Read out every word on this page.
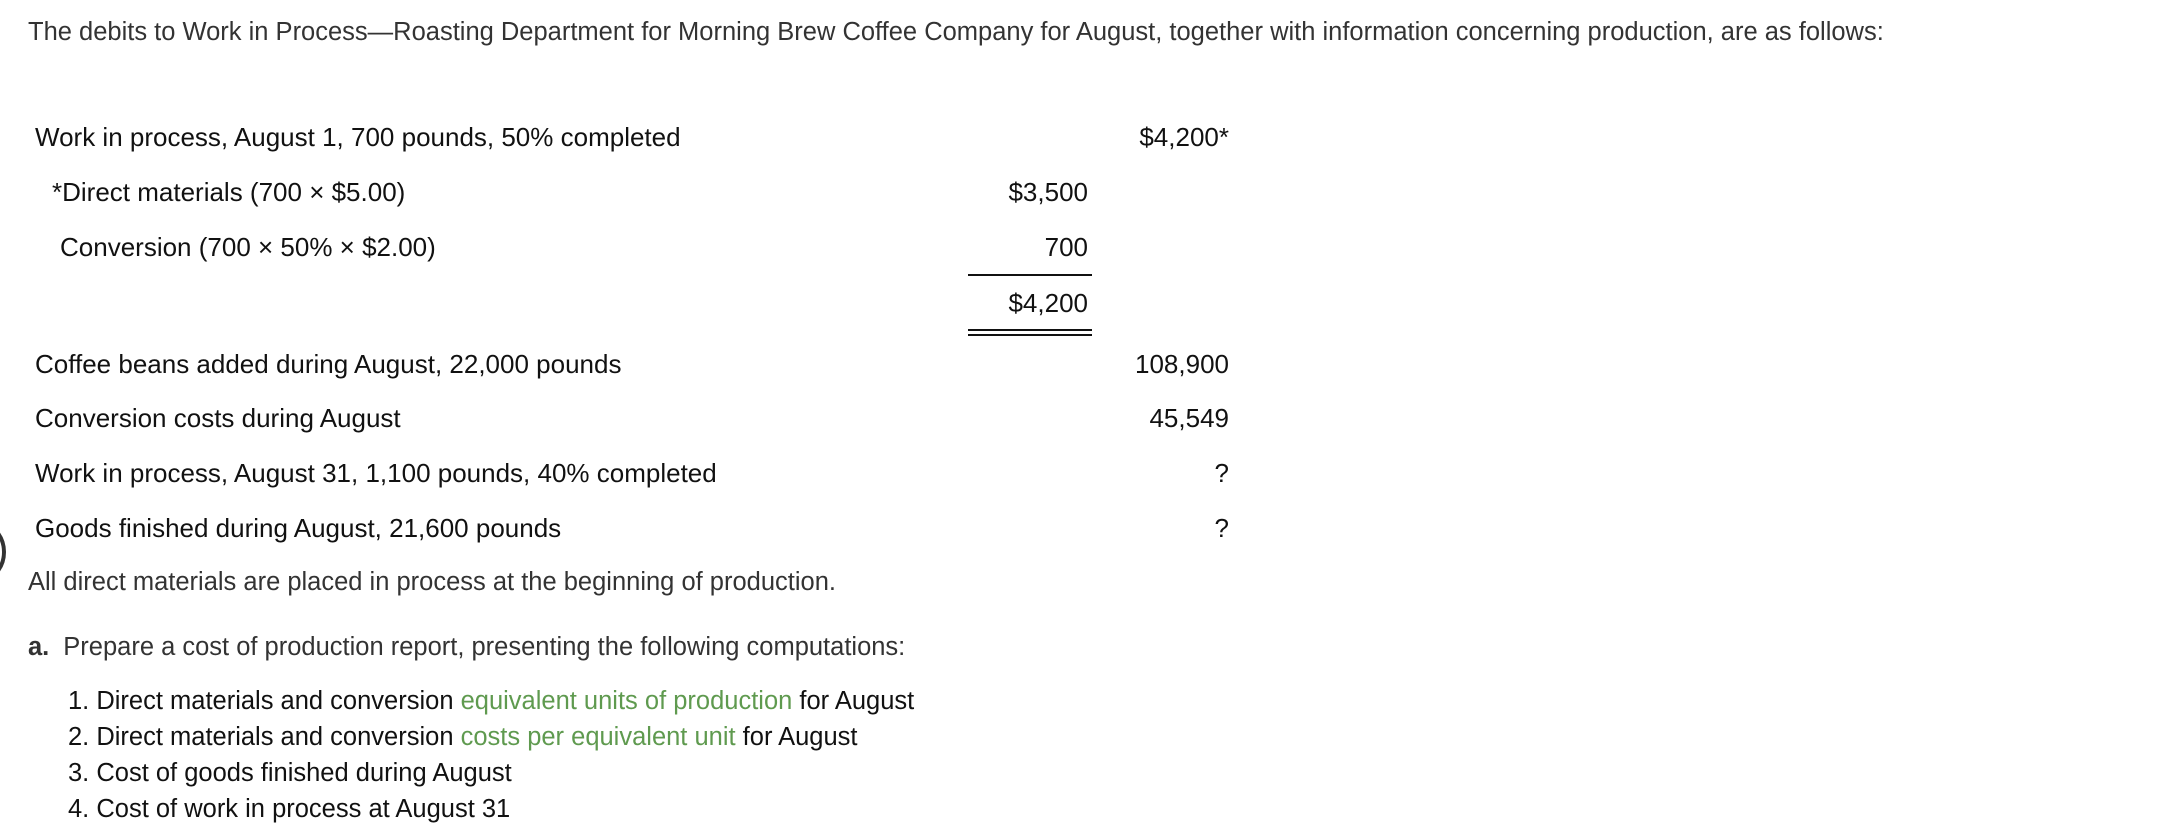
The debits to Work in Process—Roasting Department for Morning Brew Coffee Company for August, together with information concerning production, are as follows:
Work in process, August 1, 700 pounds, 50% completed	$4,200*
*Direct materials (700 × $5.00)	$3,500
Conversion (700 × 50% × $2.00)	700
$4,200
Coffee beans added during August, 22,000 pounds	108,900
Conversion costs during August	45,549
Work in process, August 31, 1,100 pounds, 40% completed	?
Goods finished during August, 21,600 pounds	?
All direct materials are placed in process at the beginning of production.
a. Prepare a cost of production report, presenting the following computations:
1. Direct materials and conversion equivalent units of production for August
2. Direct materials and conversion costs per equivalent unit for August
3. Cost of goods finished during August
4. Cost of work in process at August 31
